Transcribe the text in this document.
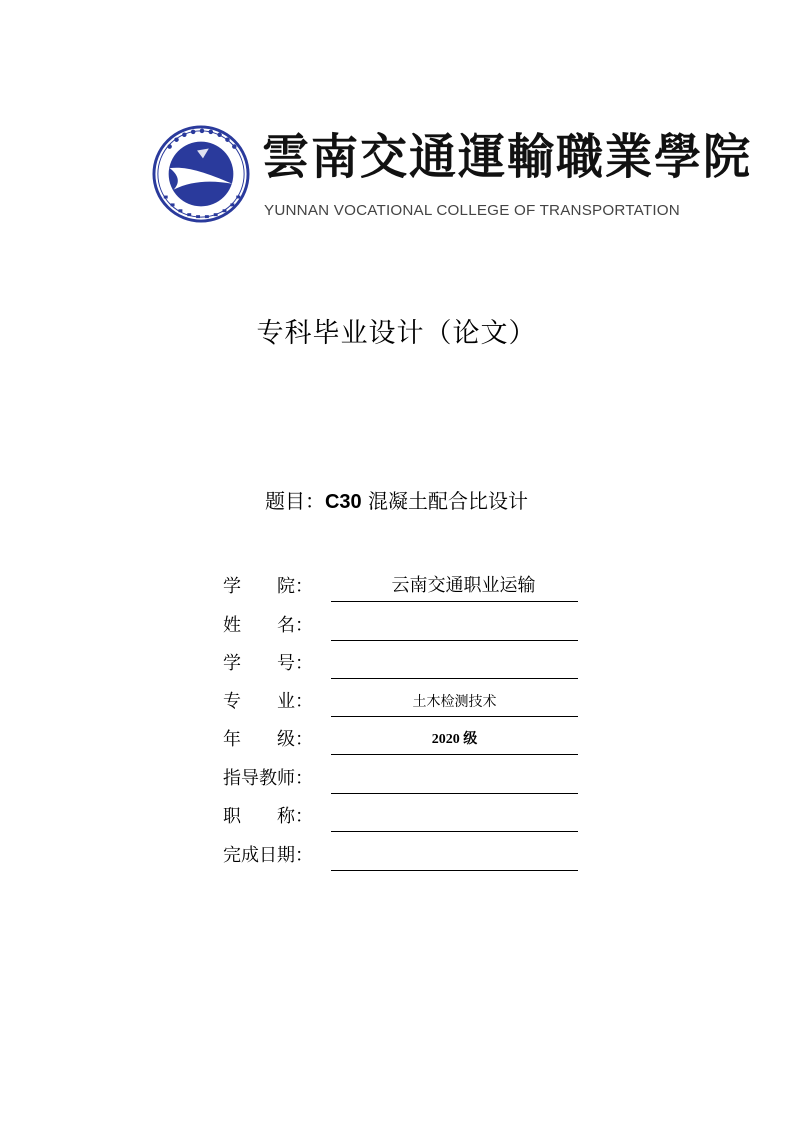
雲南交通運輸職業學院
YUNNAN VOCATIONAL COLLEGE OF TRANSPORTATION
专科毕业设计（论文）
题目：C30 混凝土配合比设计
学　　院：	云南交通职业运输
姓　　名：
学　　号：
专　　业：	土木检测技术
年　　级：	2020 级
指导教师：
职　　称：
完成日期：
